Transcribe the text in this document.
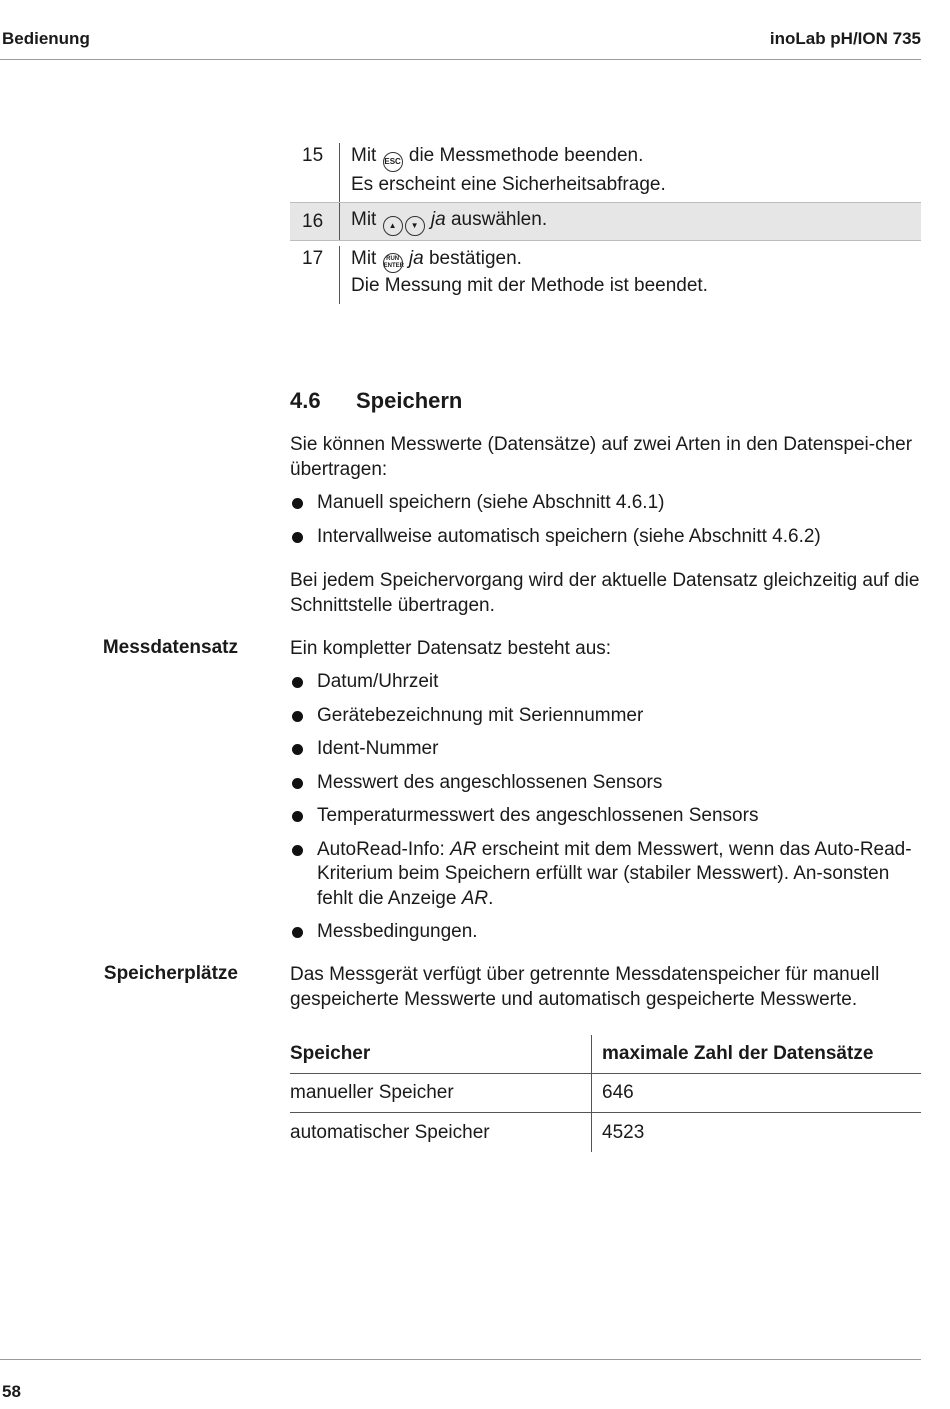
Bedienung	inoLab pH/ION 735
15	Mit ESC die Messmethode beenden.
Es erscheint eine Sicherheitsabfrage.
16	Mit ▲ ▼ ja auswählen.
17	Mit RUN ENTER ja bestätigen.
Die Messung mit der Methode ist beendet.
4.6 Speichern
Sie können Messwerte (Datensätze) auf zwei Arten in den Datenspei-cher übertragen:
Manuell speichern (siehe Abschnitt 4.6.1)
Intervallweise automatisch speichern (siehe Abschnitt 4.6.2)
Bei jedem Speichervorgang wird der aktuelle Datensatz gleichzeitig auf die Schnittstelle übertragen.
Messdatensatz	Ein kompletter Datensatz besteht aus:
Datum/Uhrzeit
Gerätebezeichnung mit Seriennummer
Ident-Nummer
Messwert des angeschlossenen Sensors
Temperaturmesswert des angeschlossenen Sensors
AutoRead-Info: AR erscheint mit dem Messwert, wenn das Auto-Read-Kriterium beim Speichern erfüllt war (stabiler Messwert). An-sonsten fehlt die Anzeige AR.
Messbedingungen.
Speicherplätze	Das Messgerät verfügt über getrennte Messdatenspeicher für manuell gespeicherte Messwerte und automatisch gespeicherte Messwerte.
Speicher	maximale Zahl der Datensätze
manueller Speicher	646
automatischer Speicher	4523
58
